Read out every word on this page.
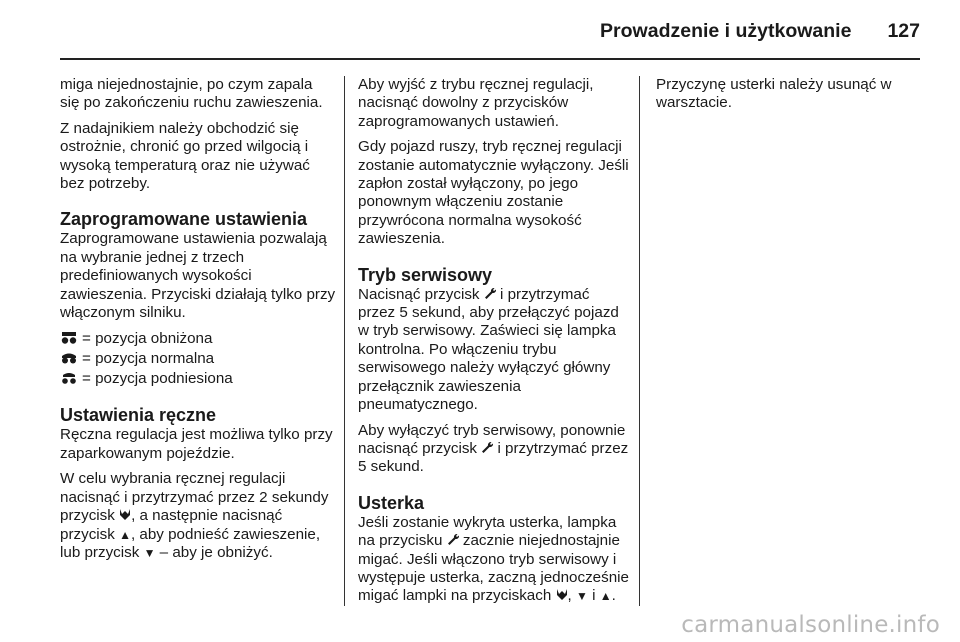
Prowadzenie i użytkowanie 127

miga niejednostajnie, po czym zapala się po zakończeniu ruchu zawieszenia.

Z nadajnikiem należy obchodzić się ostrożnie, chronić go przed wilgocią i wysoką temperaturą oraz nie używać bez potrzeby.

Zaprogramowane ustawienia

Zaprogramowane ustawienia pozwalają na wybranie jednej z trzech predefiniowanych wysokości zawieszenia. Przyciski działają tylko przy włączonym silniku.

= pozycja obniżona
= pozycja normalna
= pozycja podniesiona
Ustawienia ręczne

Ręczna regulacja jest możliwa tylko przy zaparkowanym pojeździe.

W celu wybrania ręcznej regulacji nacisnąć i przytrzymać przez 2 sekundy przycisk , a następnie nacisnąć przycisk ▲, aby podnieść zawieszenie, lub przycisk ▼ – aby je obniżyć.

Aby wyjść z trybu ręcznej regulacji, nacisnąć dowolny z przycisków zaprogramowanych ustawień.

Gdy pojazd ruszy, tryb ręcznej regulacji zostanie automatycznie wyłączony. Jeśli zapłon został wyłączony, po jego ponownym włączeniu zostanie przywrócona normalna wysokość zawieszenia.

Tryb serwisowy

Nacisnąć przycisk  i przytrzymać przez 5 sekund, aby przełączyć pojazd w tryb serwisowy. Zaświeci się lampka kontrolna. Po włączeniu trybu serwisowego należy wyłączyć główny przełącznik zawieszenia pneumatycznego.

Aby wyłączyć tryb serwisowy, ponownie nacisnąć przycisk  i przytrzymać przez 5 sekund.

Usterka

Jeśli zostanie wykryta usterka, lampka na przycisku  zacznie niejednostajnie migać. Jeśli włączono tryb serwisowy i występuje usterka, zaczną jednocześnie migać lampki na przyciskach , ▼ i ▲.

Przyczynę usterki należy usunąć w warsztacie.

carmanualsonline.info
